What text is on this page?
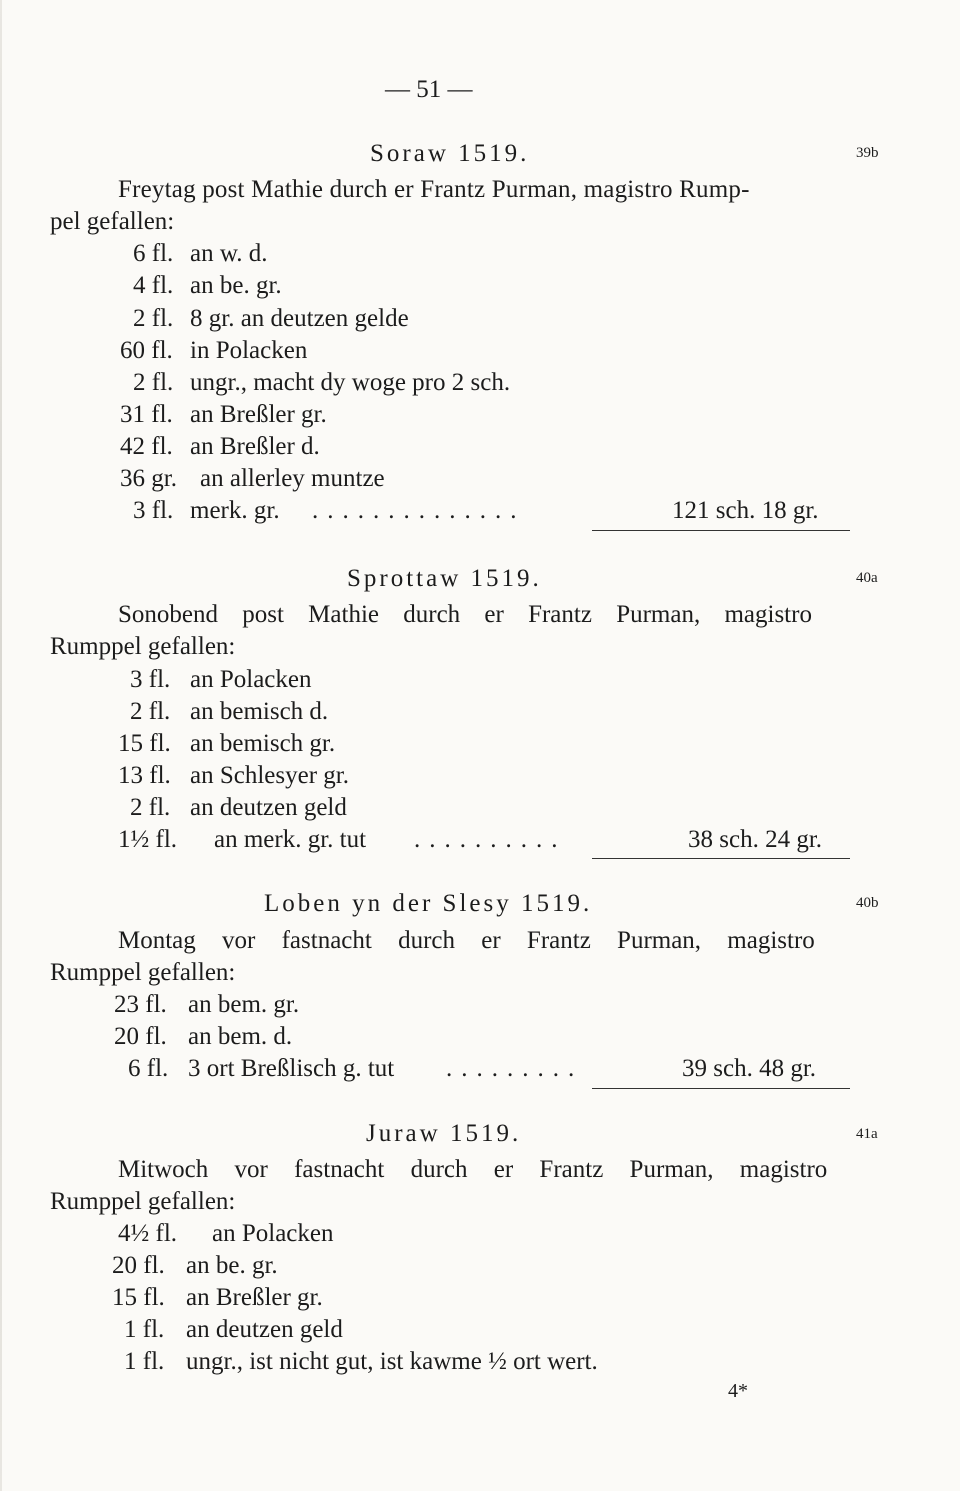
— 51 —
Soraw 1519.	39b
Freytag post Mathie durch er Frantz Purman, magistro Rump-
pel gefallen:
6 fl. an w. d.
4 fl. an be. gr.
2 fl. 8 gr. an deutzen gelde
60 fl. in Polacken
2 fl. ungr., macht dy woge pro 2 sch.
31 fl. an Breßler gr.
42 fl. an Breßler d.
36 gr. an allerley muntze
3 fl. merk. gr. ..............	121 sch. 18 gr.
Sprottaw 1519.	40a
Sonobend post Mathie durch er Frantz Purman, magistro
Rumppel gefallen:
3 fl. an Polacken
2 fl. an bemisch d.
15 fl. an bemisch gr.
13 fl. an Schlesyer gr.
2 fl. an deutzen geld
1½ fl. an merk. gr. tut ..........	38 sch. 24 gr.
Loben yn der Slesy 1519.	40b
Montag vor fastnacht durch er Frantz Purman, magistro
Rumppel gefallen:
23 fl. an bem. gr.
20 fl. an bem. d.
6 fl. 3 ort Breßlisch g. tut .........	39 sch. 48 gr.
Juraw 1519.	41a
Mitwoch vor fastnacht durch er Frantz Purman, magistro
Rumppel gefallen:
4½ fl. an Polacken
20 fl. an be. gr.
15 fl. an Breßler gr.
1 fl. an deutzen geld
1 fl. ungr., ist nicht gut, ist kawme ½ ort wert.
4*
